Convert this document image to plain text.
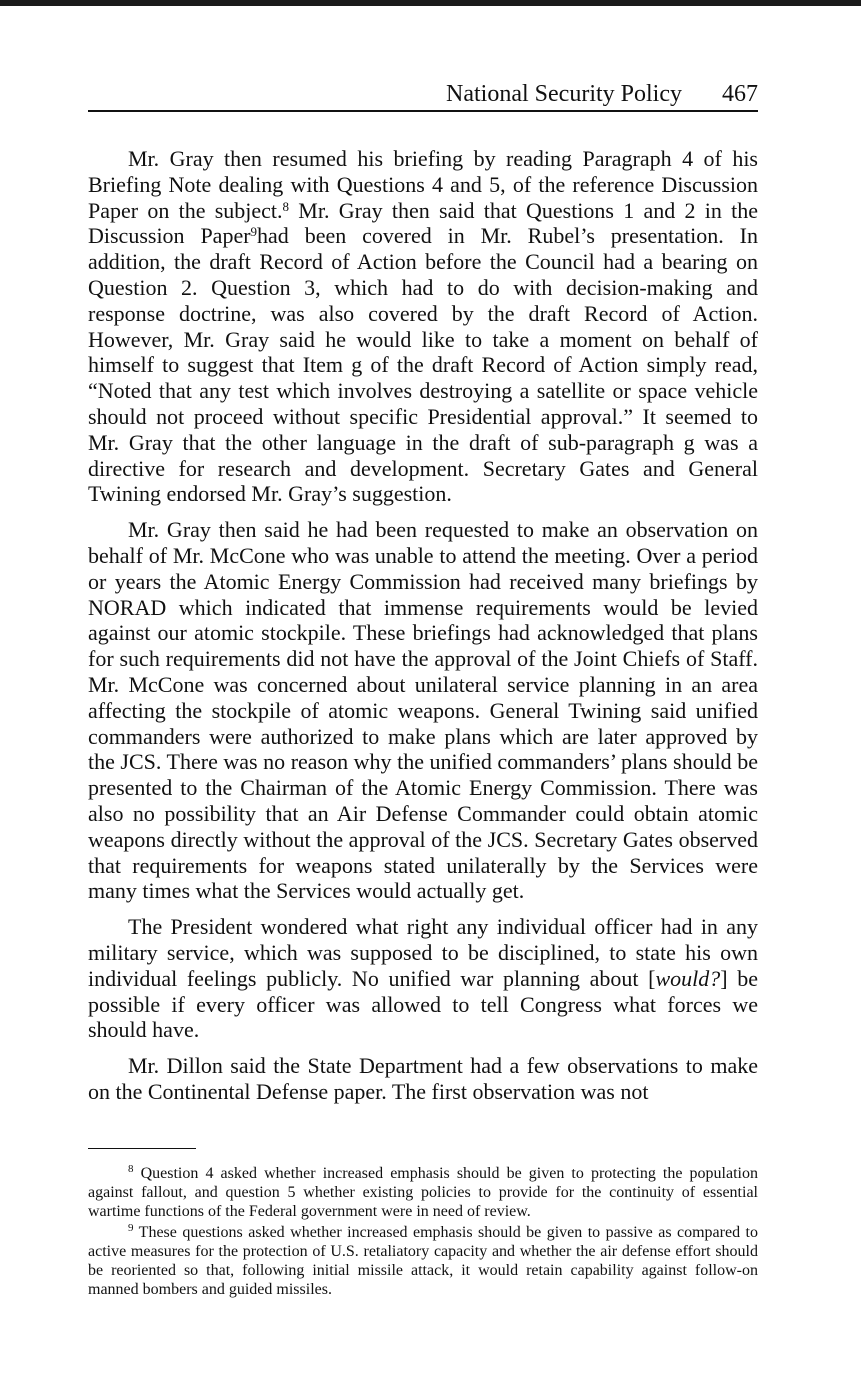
National Security Policy 467

Mr. Gray then resumed his briefing by reading Paragraph 4 of his Briefing Note dealing with Questions 4 and 5, of the reference Discussion Paper on the subject.$^8$ Mr. Gray then said that Questions 1 and 2 in the Discussion Paper$^9$had been covered in Mr. Rubel’s presentation. In addition, the draft Record of Action before the Council had a bearing on Question 2. Question 3, which had to do with decision-making and response doctrine, was also covered by the draft Record of Action. However, Mr. Gray said he would like to take a moment on behalf of himself to suggest that Item g of the draft Record of Action simply read, “Noted that any test which involves destroying a satellite or space vehicle should not proceed without specific Presidential approval.” It seemed to Mr. Gray that the other language in the draft of sub-paragraph g was a directive for research and development. Secretary Gates and General Twining endorsed Mr. Gray’s suggestion.

Mr. Gray then said he had been requested to make an observation on behalf of Mr. McCone who was unable to attend the meeting. Over a period or years the Atomic Energy Commission had received many briefings by NORAD which indicated that immense requirements would be levied against our atomic stockpile. These briefings had acknowledged that plans for such requirements did not have the approval of the Joint Chiefs of Staff. Mr. McCone was concerned about unilateral service planning in an area affecting the stockpile of atomic weapons. General Twining said unified commanders were authorized to make plans which are later approved by the JCS. There was no reason why the unified commanders’ plans should be presented to the Chairman of the Atomic Energy Commission. There was also no possibility that an Air Defense Commander could obtain atomic weapons directly without the approval of the JCS. Secretary Gates observed that requirements for weapons stated unilaterally by the Services were many times what the Services would actually get.

The President wondered what right any individual officer had in any military service, which was supposed to be disciplined, to state his own individual feelings publicly. No unified war planning about [would?] be possible if every officer was allowed to tell Congress what forces we should have.

Mr. Dillon said the State Department had a few observations to make on the Continental Defense paper. The first observation was not

$^8$ Question 4 asked whether increased emphasis should be given to protecting the population against fallout, and question 5 whether existing policies to provide for the continuity of essential wartime functions of the Federal government were in need of review.

$^9$ These questions asked whether increased emphasis should be given to passive as compared to active measures for the protection of U.S. retaliatory capacity and whether the air defense effort should be reoriented so that, following initial missile attack, it would retain capability against follow-on manned bombers and guided missiles.
